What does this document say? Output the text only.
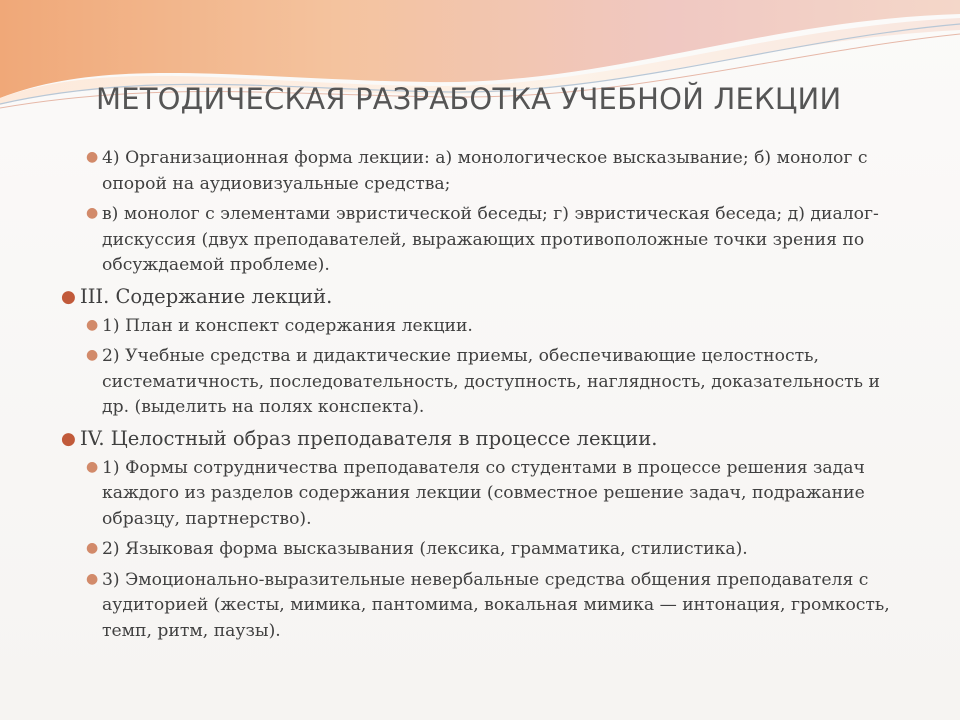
МЕТОДИЧЕСКАЯ РАЗРАБОТКА УЧЕБНОЙ ЛЕКЦИИ
● 4) Организационная форма лекции: а) монологическое высказывание; б) монолог с опорой на аудиовизуальные средства;
● в) монолог с элементами эвристической беседы; г) эвристическая беседа; д) диалог-дискуссия (двух преподавателей, выражающих противоположные точки зрения по обсуждаемой проблеме).
● III. Содержание лекций.
● 1) План и конспект содержания лекции.
● 2) Учебные средства и дидактические приемы, обеспечивающие целостность, систематичность, последовательность, доступность, наглядность, доказательность и др. (выделить на полях конспекта).
● IV. Целостный образ преподавателя в процессе лекции.
● 1) Формы сотрудничества преподавателя со студентами в процессе решения задач каждого из разделов содержания лекции (совместное решение задач, подражание образцу, партнерство).
● 2) Языковая форма высказывания (лексика, грамматика, стилистика).
● 3) Эмоционально-выразительные невербальные средства общения преподавателя с аудиторией (жесты, мимика, пантомима, вокальная мимика — интонация, громкость, темп, ритм, паузы).
